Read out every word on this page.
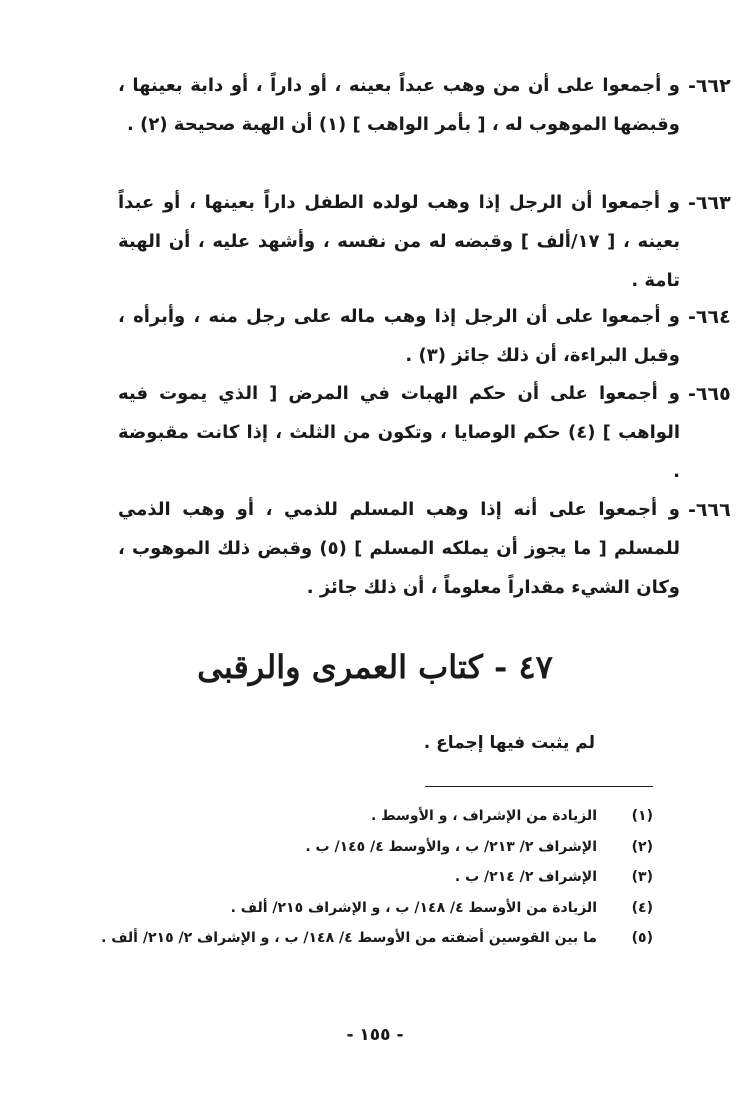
٦٦٢-

و أجمعوا على أن من وهب عبداً بعينه ، أو داراً ، أو دابة بعينها ، وقبضها الموهوب له ، [ بأمر الواهب ] (١) أن الهبة صحيحة (٢) .

٦٦٣-

و أجمعوا أن الرجل إذا وهب لولده الطفل داراً بعينها ، أو عبداً بعينه ، [ ١٧/ألف ] وقبضه له من نفسه ، وأشهد عليه ، أن الهبة تامة .

٦٦٤-

و أجمعوا على أن الرجل إذا وهب ماله على رجل منه ، وأبرأه ، وقبل البراءة، أن ذلك جائز (٣) .

٦٦٥-

و أجمعوا على أن حكم الهبات في المرض [ الذي يموت فيه الواهب ] (٤) حكم الوصايا ، وتكون من الثلث ، إذا كانت مقبوضة .

٦٦٦-

و أجمعوا على أنه إذا وهب المسلم للذمي ، أو وهب الذمي للمسلم [ ما يجوز أن يملكه المسلم ] (٥) وقبض ذلك الموهوب ، وكان الشيء مقداراً معلوماً ، أن ذلك جائز .

٤٧ - كتاب العمرى والرقبى
لم يثبت فيها إجماع .
(١)الزيادة من الإشراف ، و الأوسط .
(٢)الإشراف ٢/ ٢١٣/ ب ، والأوسط ٤/ ١٤٥/ ب .
(٣)الإشراف ٢/ ٢١٤/ ب .
(٤)الزيادة من الأوسط ٤/ ١٤٨/ ب ، و الإشراف ٢١٥/ ألف .
(٥)ما بين القوسين أضفته من الأوسط ٤/ ١٤٨/ ب ، و الإشراف ٢/ ٢١٥/ ألف .
- ١٥٥ -
